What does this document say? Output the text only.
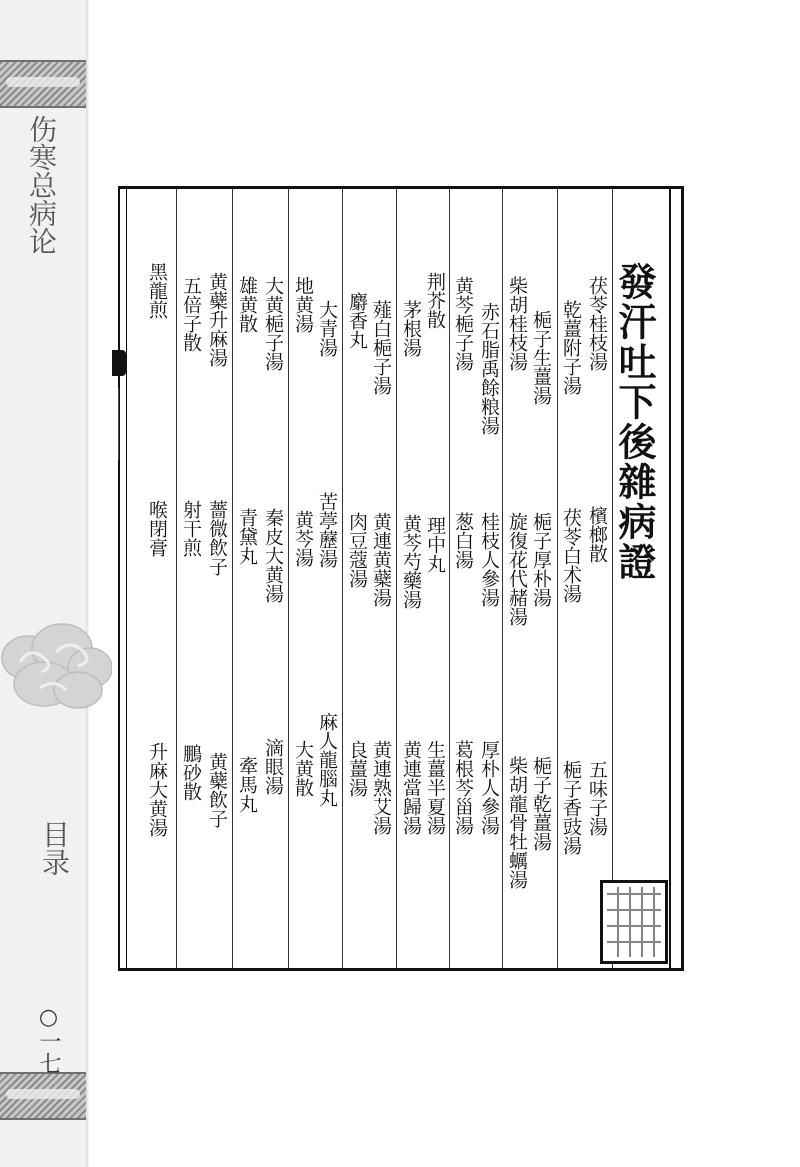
伤寒总病论
目录
○一七
發汗吐下後雜病證
茯苓桂枝湯
檳榔散
五味子湯
乾薑附子湯
茯苓白术湯
梔子香豉湯
梔子生薑湯
梔子厚朴湯
梔子乾薑湯
柴胡桂枝湯
旋復花代赭湯
柴胡龍骨牡蠣湯
赤石脂禹餘粮湯
桂枝人參湯
厚朴人參湯
黄芩梔子湯
葱白湯
葛根芩甾湯
荆芥散
理中丸
生薑半夏湯
茅根湯
黄芩芍藥湯
黄連當歸湯
薤白梔子湯
黄連黄蘗湯
黄連熟艾湯
麝香丸
肉豆蔻湯
良薑湯
大青湯
苦葶藶湯
麻人龍腦丸
地黄湯
黄芩湯
大黄散
大黄梔子湯
秦皮大黄湯
滴眼湯
雄黄散
青黛丸
牽馬丸
黄蘗升麻湯
薔微飲子
黄蘗飲子
五倍子散
射干煎
鵬砂散
黑龍煎
喉閉膏
升麻大黄湯
